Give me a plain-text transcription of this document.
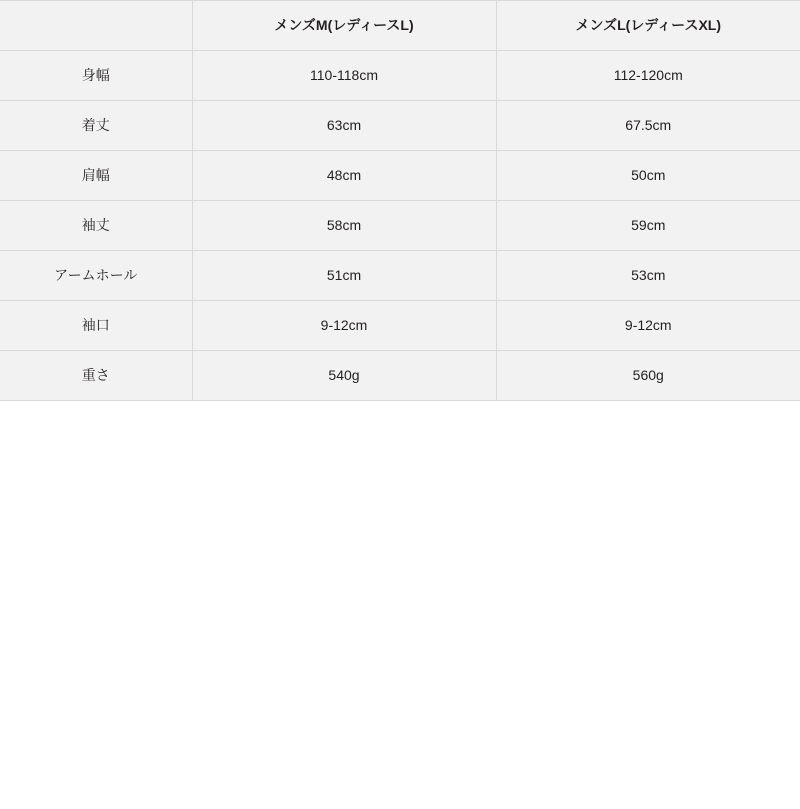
	メンズM(レディースL)	メンズL(レディースXL)
身幅	110-118cm	112-120cm
着丈	63cm	67.5cm
肩幅	48cm	50cm
袖丈	58cm	59cm
アームホール	51cm	53cm
袖口	9-12cm	9-12cm
重さ	540g	560g
